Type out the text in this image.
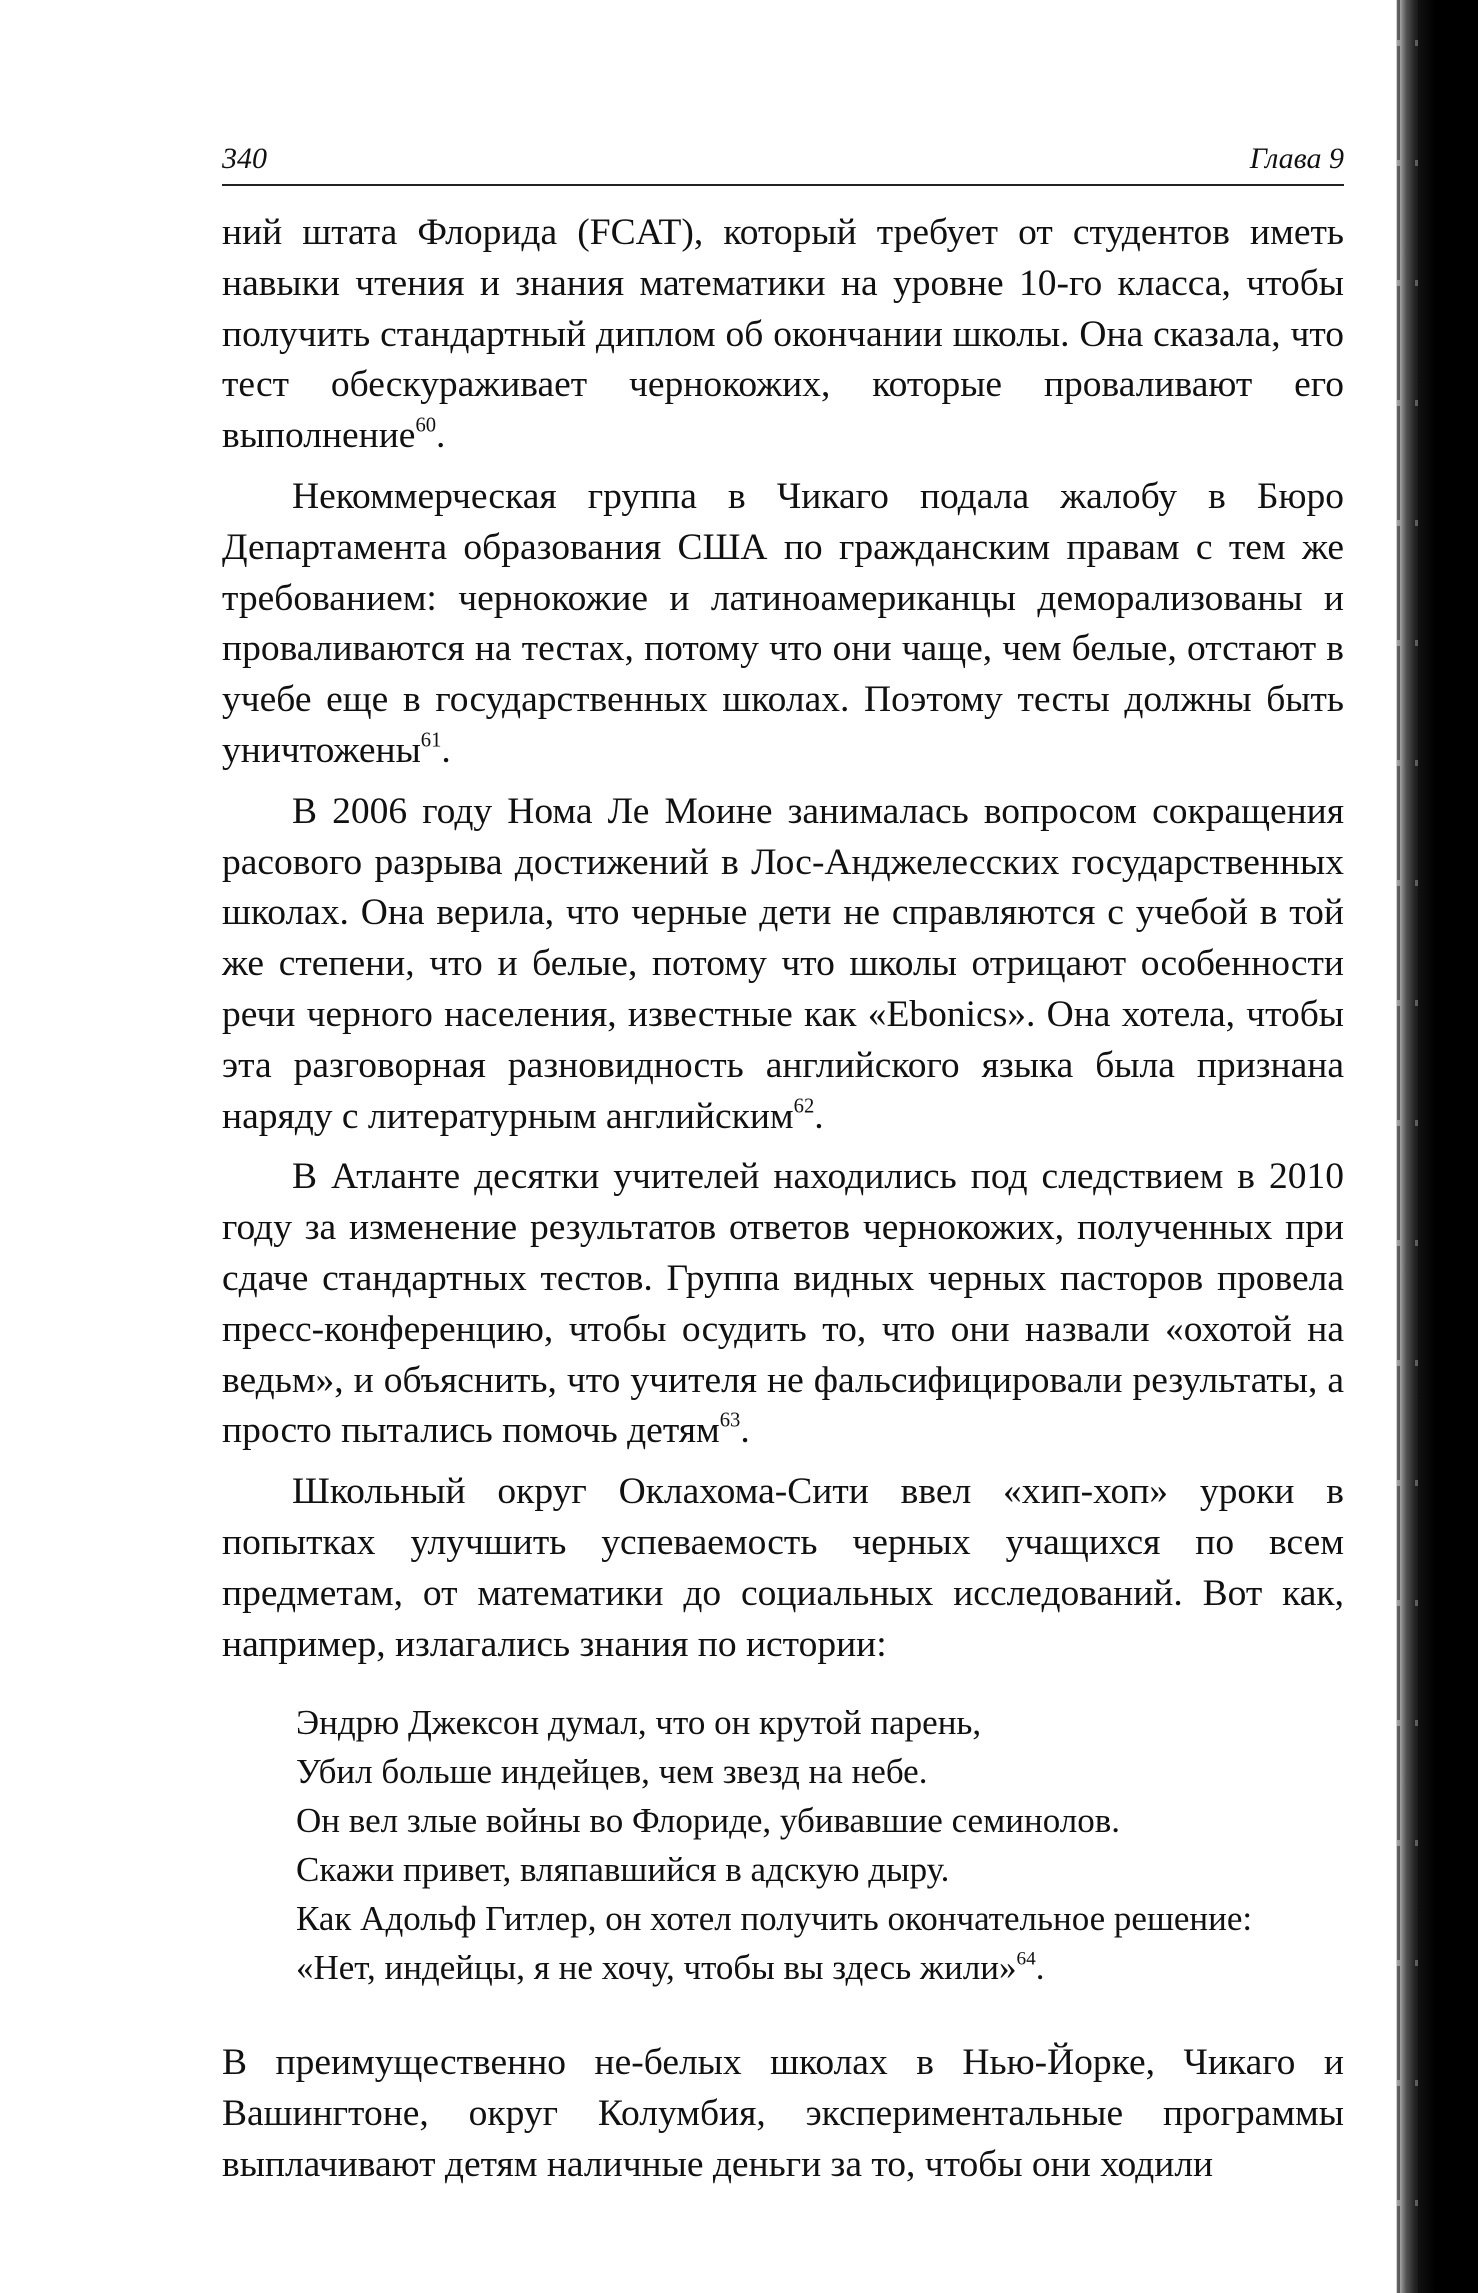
340	Глава 9

ний штата Флорида (FCAT), который требует от студентов иметь навыки чтения и знания математики на уровне 10-го класса, чтобы получить стандартный диплом об окончании школы. Она сказала, что тест обескураживает чернокожих, которые проваливают его выполнение$^{60}$.

Некоммерческая группа в Чикаго подала жалобу в Бюро Департамента образования США по гражданским правам с тем же требованием: чернокожие и латиноамериканцы деморализованы и проваливаются на тестах, потому что они чаще, чем белые, отстают в учебе еще в государственных школах. Поэтому тесты должны быть уничтожены$^{61}$.

В 2006 году Нома Ле Моине занималась вопросом сокращения расового разрыва достижений в Лос-Анджелесских государственных школах. Она верила, что черные дети не справляются с учебой в той же степени, что и белые, потому что школы отрицают особенности речи черного населения, известные как «Ebonics». Она хотела, чтобы эта разговорная разновидность английского языка была признана наряду с литературным английским$^{62}$.

В Атланте десятки учителей находились под следствием в 2010 году за изменение результатов ответов чернокожих, полученных при сдаче стандартных тестов. Группа видных черных пасторов провела пресс-конференцию, чтобы осудить то, что они назвали «охотой на ведьм», и объяснить, что учителя не фальсифицировали результаты, а просто пытались помочь детям$^{63}$.

Школьный округ Оклахома-Сити ввел «хип-хоп» уроки в попытках улучшить успеваемость черных учащихся по всем предметам, от математики до социальных исследований. Вот как, например, излагались знания по истории:

Эндрю Джексон думал, что он крутой парень,
Убил больше индейцев, чем звезд на небе.
Он вел злые войны во Флориде, убивавшие семинолов.
Скажи привет, вляпавшийся в адскую дыру.
Как Адольф Гитлер, он хотел получить окончательное решение:
«Нет, индейцы, я не хочу, чтобы вы здесь жили»$^{64}$.

В преимущественно не-белых школах в Нью-Йорке, Чикаго и Вашингтоне, округ Колумбия, экспериментальные программы выплачивают детям наличные деньги за то, чтобы они ходили
